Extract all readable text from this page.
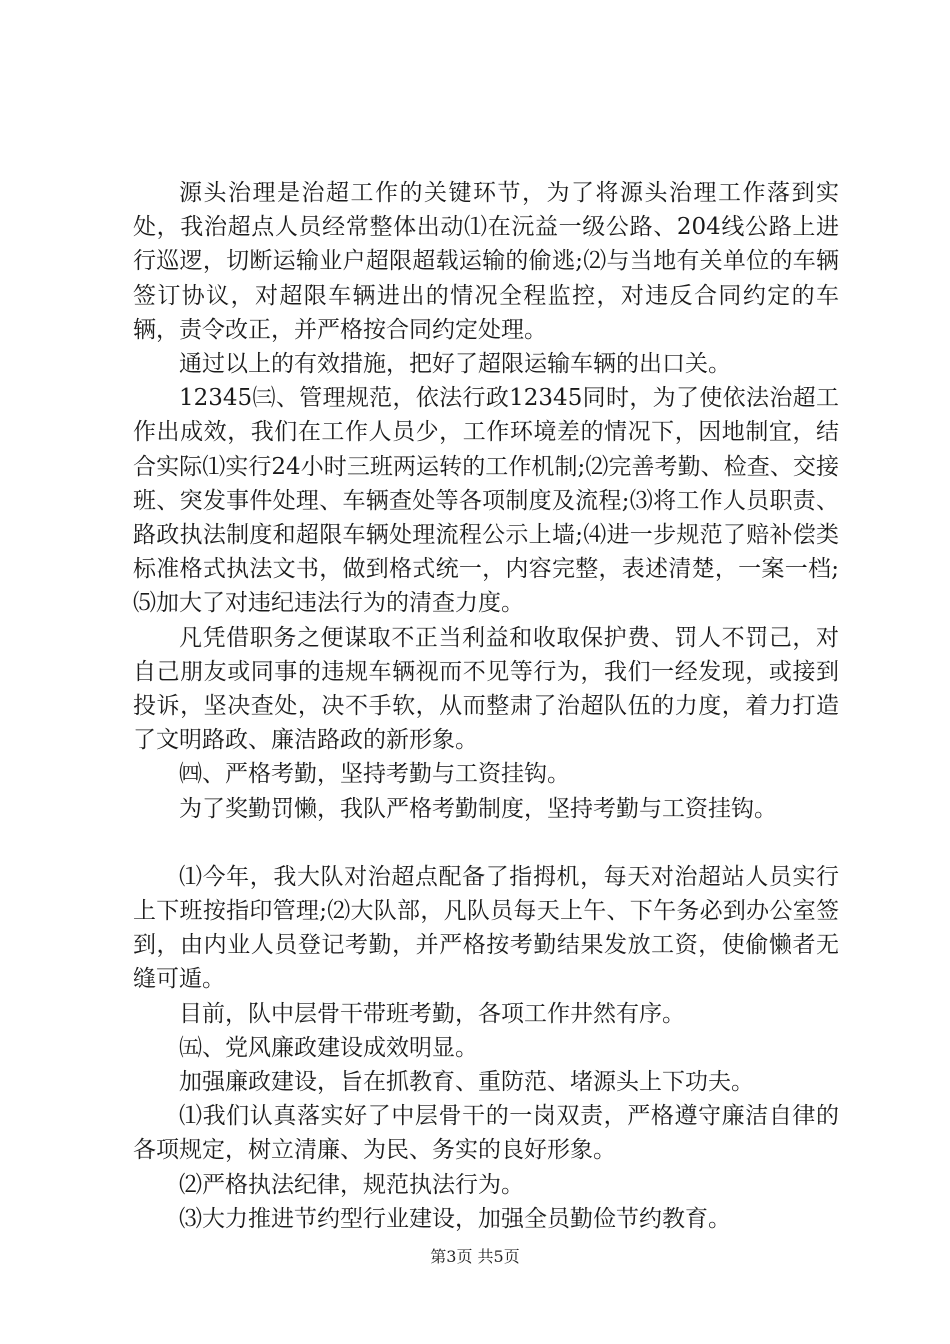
源头治理是治超工作的关键环节，为了将源头治理工作落到实处，我治超点人员经常整体出动⑴在沅益一级公路、204线公路上进行巡逻，切断运输业户超限超载运输的偷逃;⑵与当地有关单位的车辆签订协议，对超限车辆进出的情况全程监控，对违反合同约定的车辆，责令改正，并严格按合同约定处理。

通过以上的有效措施，把好了超限运输车辆的出口关。

12345㈢、管理规范，依法行政12345同时，为了使依法治超工作出成效，我们在工作人员少，工作环境差的情况下，因地制宜，结合实际⑴实行24小时三班两运转的工作机制;⑵完善考勤、检查、交接班、突发事件处理、车辆查处等各项制度及流程;⑶将工作人员职责、路政执法制度和超限车辆处理流程公示上墙;⑷进一步规范了赔补偿类标准格式执法文书，做到格式统一，内容完整，表述清楚，一案一档;⑸加大了对违纪违法行为的清查力度。

凡凭借职务之便谋取不正当利益和收取保护费、罚人不罚己，对自己朋友或同事的违规车辆视而不见等行为，我们一经发现，或接到投诉，坚决查处，决不手软，从而整肃了治超队伍的力度，着力打造了文明路政、廉洁路政的新形象。

㈣、严格考勤，坚持考勤与工资挂钩。

为了奖勤罚懒，我队严格考勤制度，坚持考勤与工资挂钩。

⑴今年，我大队对治超点配备了指拇机，每天对治超站人员实行上下班按指印管理;⑵大队部，凡队员每天上午、下午务必到办公室签到，由内业人员登记考勤，并严格按考勤结果发放工资，使偷懒者无缝可遁。

目前，队中层骨干带班考勤，各项工作井然有序。

㈤、党风廉政建设成效明显。

加强廉政建设，旨在抓教育、重防范、堵源头上下功夫。

⑴我们认真落实好了中层骨干的一岗双责，严格遵守廉洁自律的各项规定，树立清廉、为民、务实的良好形象。

⑵严格执法纪律，规范执法行为。

⑶大力推进节约型行业建设，加强全员勤俭节约教育。

第3页 共5页
